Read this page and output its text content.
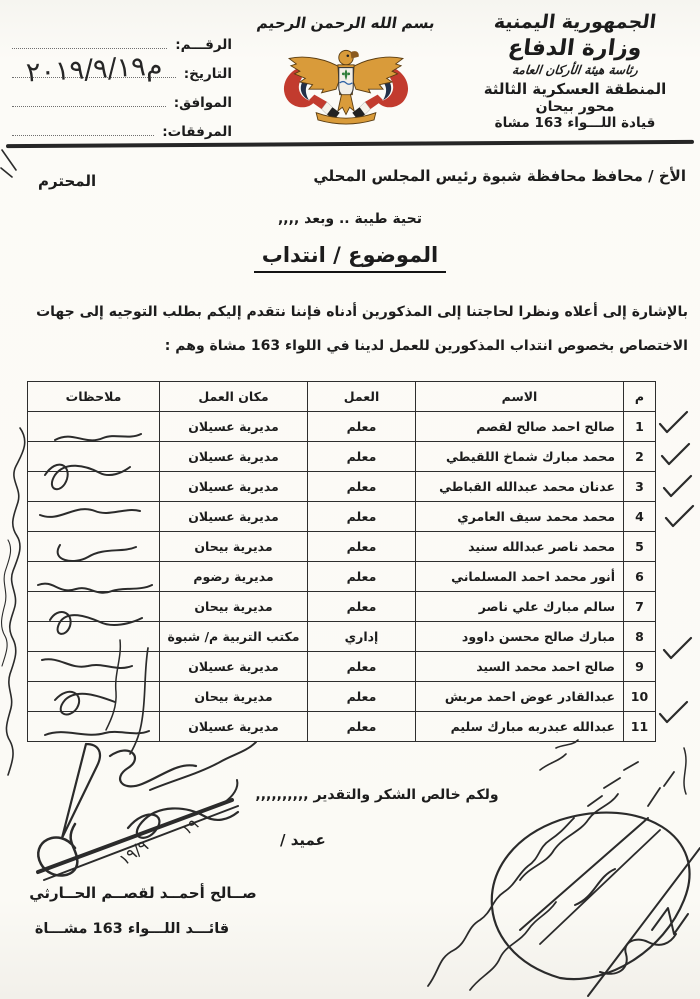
الجمهورية اليمنية
وزارة الدفاع
رئاسة هيئة الأركان العامة
المنطقة العسكرية الثالثة
محور بيحان
قيادة اللـــواء 163 مشاة
بسم الله الرحمن الرحيم
الرقـــم:
التاريخ:
الموافق:
المرفقات:
م٢٠١٩/٩/١٩
الأخ / محافظ محافظة شبوة رئيس المجلس المحلي
المحترم
تحية طيبة .. وبعد ,,,,
الموضوع / انتداب
بالإشارة إلى أعلاه ونظرا لحاجتنا إلى المذكورين أدناه فإننا نتقدم إليكم بطلب التوجيه إلى جهات الاختصاص بخصوص انتداب المذكورين للعمل لدينا في اللواء 163 مشاة وهم :
م	الاسم	العمل	مكان العمل	ملاحظات
1	صالح احمد صالح لقصم	معلم	مديرية عسيلان	
2	محمد مبارك شماخ اللقيطي	معلم	مديرية عسيلان	
3	عدنان محمد عبدالله القباطي	معلم	مديرية عسيلان	
4	محمد محمد سيف العامري	معلم	مديرية عسيلان	
5	محمد ناصر عبدالله سنيد	معلم	مديرية بيحان	
6	أنور محمد احمد المسلماني	معلم	مديرية رضوم	
7	سالم مبارك علي ناصر	معلم	مديرية بيحان	
8	مبارك صالح محسن داوود	إداري	مكتب التربية م/ شبوة	
9	صالح احمد محمد السيد	معلم	مديرية عسيلان	
10	عبدالقادر عوض احمد مربش	معلم	مديرية بيحان	
11	عبدالله عبدربه مبارك سليم	معلم	مديرية عسيلان	
ولكم خالص الشكر والتقدير ,,,,,,,,,,
عميد /
صــالح أحمــد لقصــم الحــارثي
قائـــد اللـــواء 163 مشـــاة
١٩/٩
١٩
